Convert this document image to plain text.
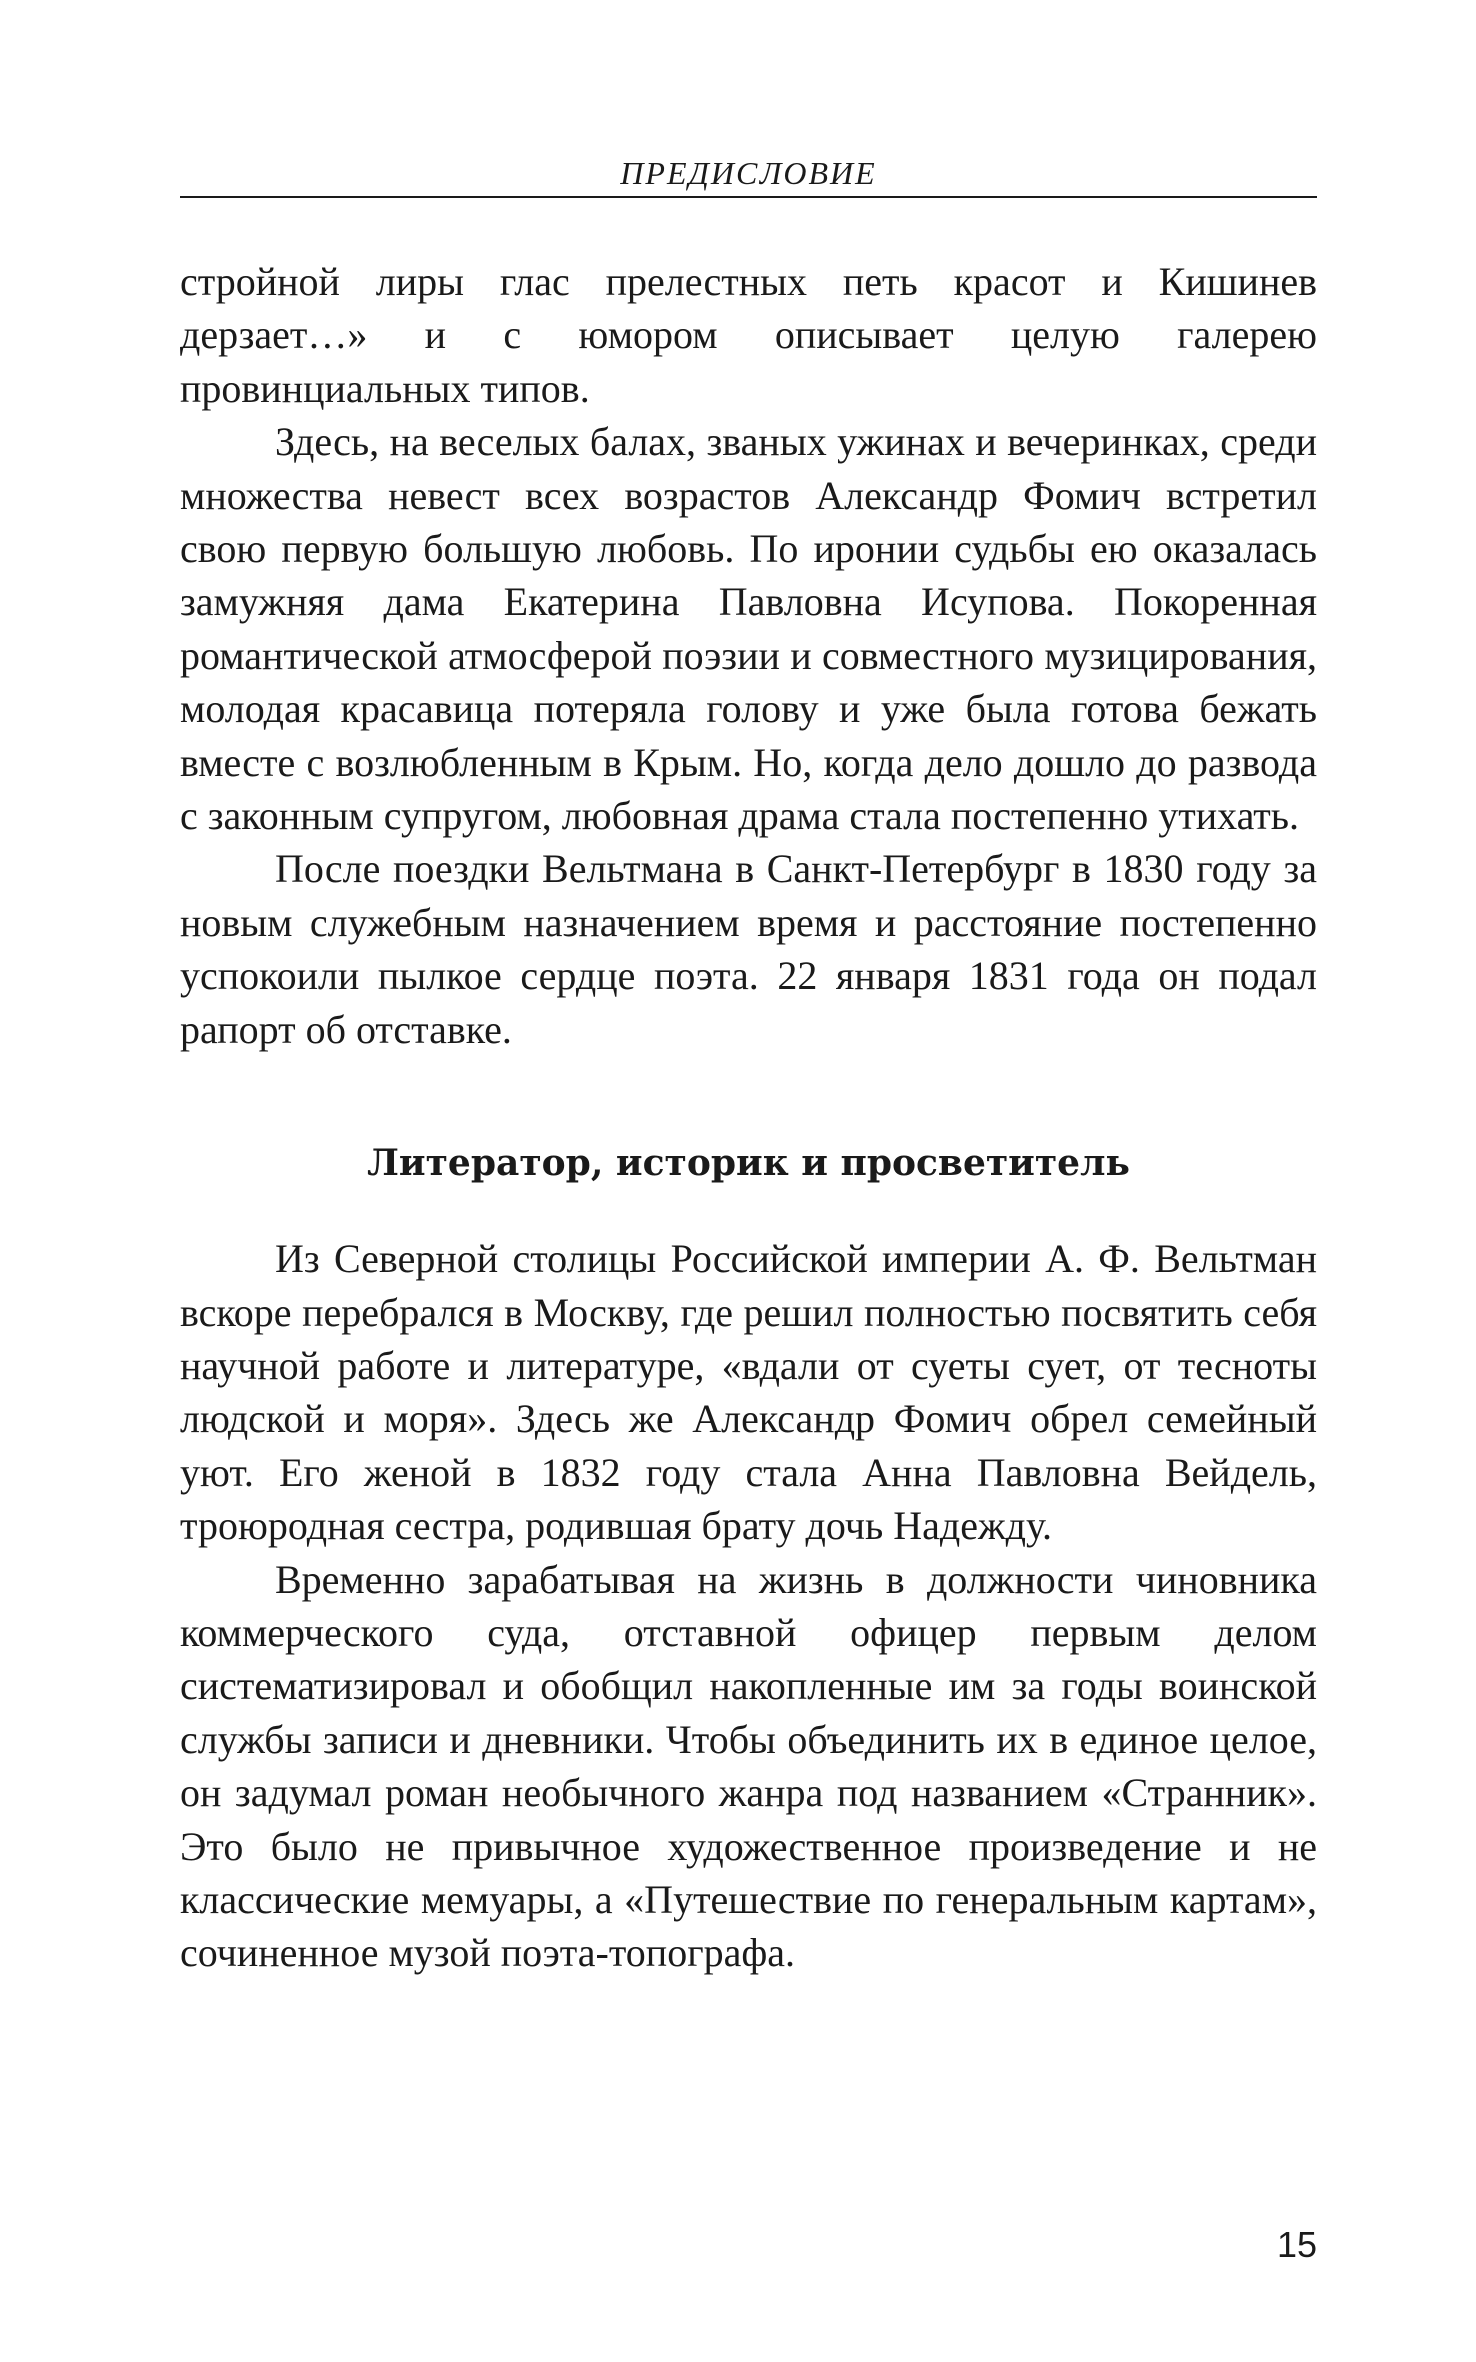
ПРЕДИСЛОВИЕ

стройной лиры глас прелестных петь красот и Кишинев дерзает…» и с юмором описывает целую галерею провинциальных типов.

Здесь, на веселых балах, званых ужинах и вечеринках, среди множества невест всех возрастов Александр Фомич встретил свою первую большую любовь. По иронии судьбы ею оказалась замужняя дама Екатерина Павловна Исупова. Покоренная романтической атмосферой поэзии и совместного музицирования, молодая красавица потеряла голову и уже была готова бежать вместе с возлюбленным в Крым. Но, когда дело дошло до развода с законным супругом, любовная драма стала постепенно утихать.

После поездки Вельтмана в Санкт-Петербург в 1830 году за новым служебным назначением время и расстояние постепенно успокоили пылкое сердце поэта. 22 января 1831 года он подал рапорт об отставке.

Литератор, историк и просветитель

Из Северной столицы Российской империи А. Ф. Вельтман вскоре перебрался в Москву, где решил полностью посвятить себя научной работе и литературе, «вдали от суеты сует, от тесноты людской и моря». Здесь же Александр Фомич обрел семейный уют. Его женой в 1832 году стала Анна Павловна Вейдель, троюродная сестра, родившая брату дочь Надежду.

Временно зарабатывая на жизнь в должности чиновника коммерческого суда, отставной офицер первым делом систематизировал и обобщил накопленные им за годы воинской службы записи и дневники. Чтобы объединить их в единое целое, он задумал роман необычного жанра под названием «Странник». Это было не привычное художественное произведение и не классические мемуары, а «Путешествие по генеральным картам», сочиненное музой поэта-топографа.

15
